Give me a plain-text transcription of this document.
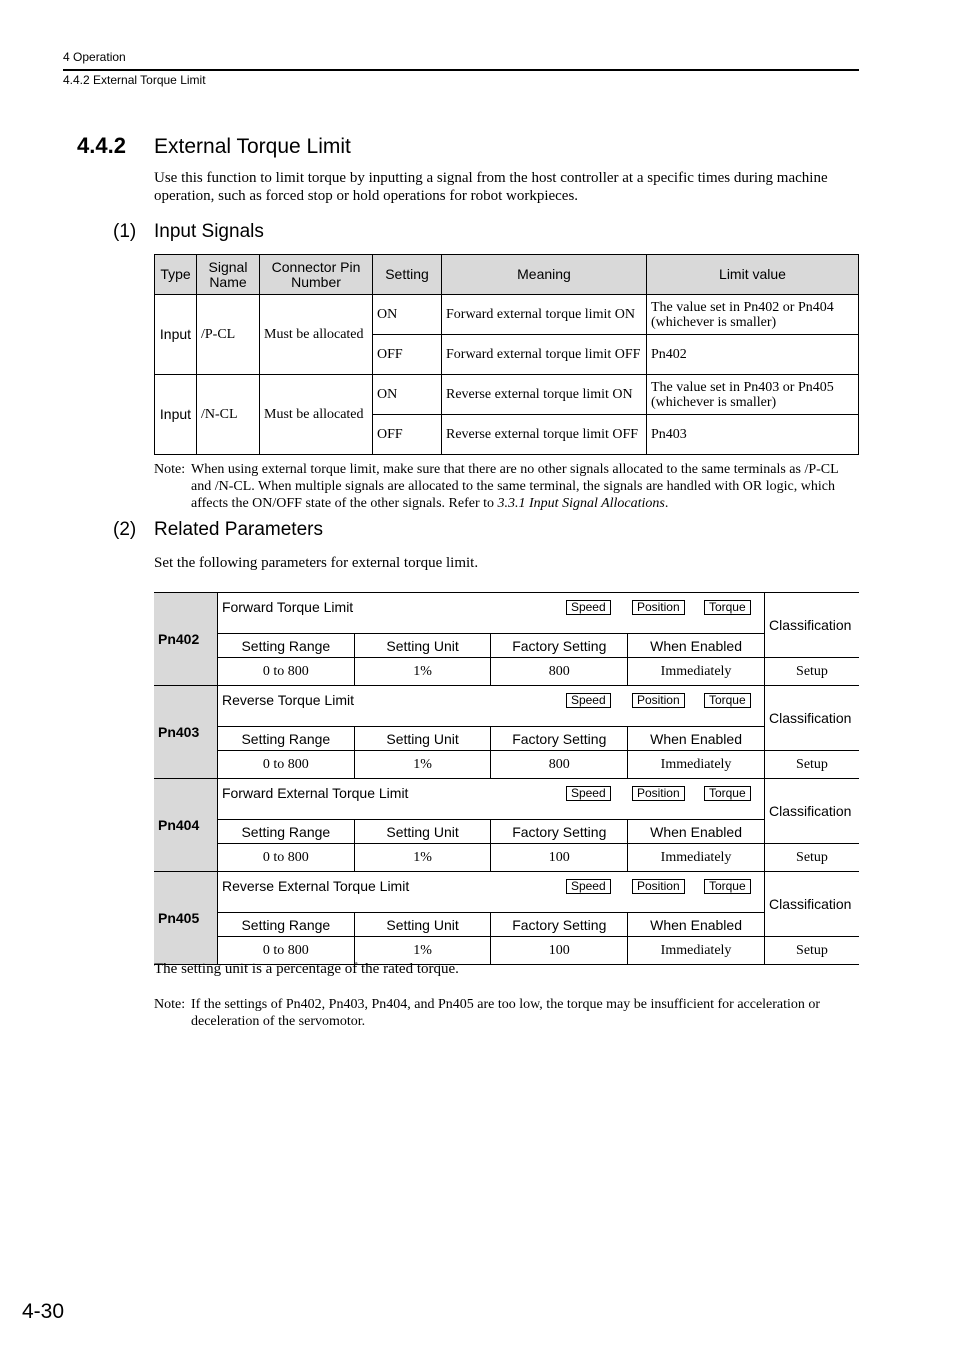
4 Operation
4.4.2 External Torque Limit
4.4.2 External Torque Limit
Use this function to limit torque by inputting a signal from the host controller at a specific times during machine operation, such as forced stop or hold operations for robot workpieces.
(1) Input Signals
Type	Signal Name	Connector Pin Number	Setting	Meaning	Limit value
Input	/P-CL	Must be allocated	ON	Forward external torque limit ON	The value set in Pn402 or Pn404 (whichever is smaller)
			OFF	Forward external torque limit OFF	Pn402
Input	/N-CL	Must be allocated	ON	Reverse external torque limit ON	The value set in Pn403 or Pn405 (whichever is smaller)
			OFF	Reverse external torque limit OFF	Pn403
Note: When using external torque limit, make sure that there are no other signals allocated to the same terminals as /P-CL and /N-CL. When multiple signals are allocated to the same terminal, the signals are handled with OR logic, which affects the ON/OFF state of the other signals. Refer to 3.3.1 Input Signal Allocations.
(2) Related Parameters
Set the following parameters for external torque limit.
Pn402	Forward Torque Limit Speed Position Torque				Classification
	Setting Range	Setting Unit	Factory Setting	When Enabled	
	0 to 800	1%	800	Immediately	Setup
Pn403	Reverse Torque Limit Speed Position Torque				Classification
	Setting Range	Setting Unit	Factory Setting	When Enabled	
	0 to 800	1%	800	Immediately	Setup
Pn404	Forward External Torque Limit Speed Position Torque				Classification
	Setting Range	Setting Unit	Factory Setting	When Enabled	
	0 to 800	1%	100	Immediately	Setup
Pn405	Reverse External Torque Limit Speed Position Torque				Classification
	Setting Range	Setting Unit	Factory Setting	When Enabled	
	0 to 800	1%	100	Immediately	Setup
The setting unit is a percentage of the rated torque.
Note: If the settings of Pn402, Pn403, Pn404, and Pn405 are too low, the torque may be insufficient for acceleration or deceleration of the servomotor.
4-30
